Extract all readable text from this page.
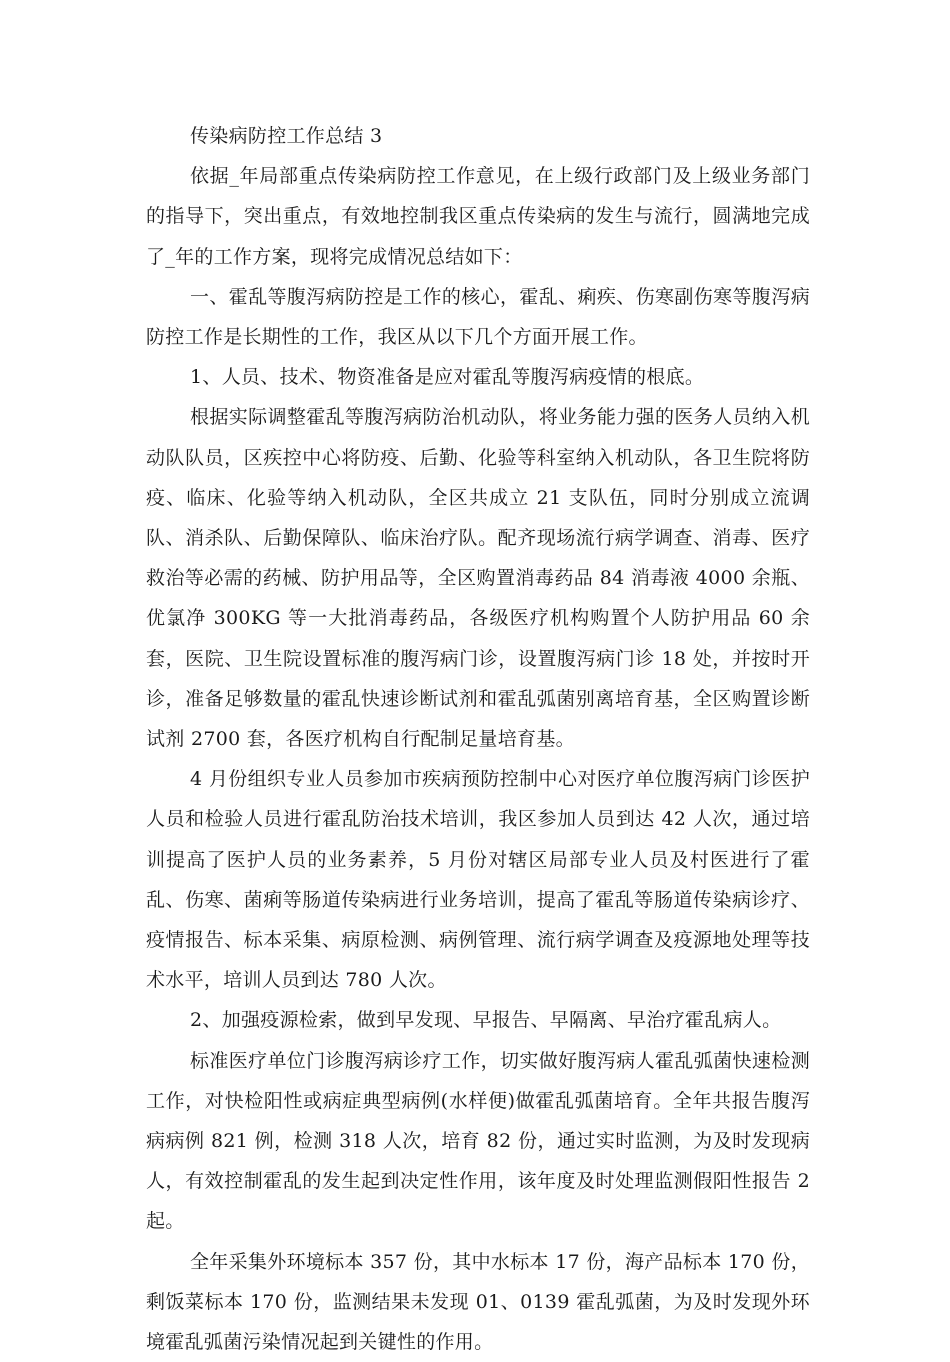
传染病防控工作总结 3

依据_年局部重点传染病防控工作意见，在上级行政部门及上级业务部门的指导下，突出重点，有效地控制我区重点传染病的发生与流行，圆满地完成了_年的工作方案，现将完成情况总结如下：

一、霍乱等腹泻病防控是工作的核心，霍乱、痢疾、伤寒副伤寒等腹泻病防控工作是长期性的工作，我区从以下几个方面开展工作。

1、人员、技术、物资准备是应对霍乱等腹泻病疫情的根底。

根据实际调整霍乱等腹泻病防治机动队，将业务能力强的医务人员纳入机动队队员，区疾控中心将防疫、后勤、化验等科室纳入机动队，各卫生院将防疫、临床、化验等纳入机动队，全区共成立 21 支队伍，同时分别成立流调队、消杀队、后勤保障队、临床治疗队。配齐现场流行病学调查、消毒、医疗救治等必需的药械、防护用品等，全区购置消毒药品 84 消毒液 4000 余瓶、优氯净 300KG 等一大批消毒药品，各级医疗机构购置个人防护用品 60 余套，医院、卫生院设置标准的腹泻病门诊，设置腹泻病门诊 18 处，并按时开诊，准备足够数量的霍乱快速诊断试剂和霍乱弧菌别离培育基，全区购置诊断试剂 2700 套，各医疗机构自行配制足量培育基。

4 月份组织专业人员参加市疾病预防控制中心对医疗单位腹泻病门诊医护人员和检验人员进行霍乱防治技术培训，我区参加人员到达 42 人次，通过培训提高了医护人员的业务素养，5 月份对辖区局部专业人员及村医进行了霍乱、伤寒、菌痢等肠道传染病进行业务培训，提高了霍乱等肠道传染病诊疗、疫情报告、标本采集、病原检测、病例管理、流行病学调查及疫源地处理等技术水平，培训人员到达 780 人次。

2、加强疫源检索，做到早发现、早报告、早隔离、早治疗霍乱病人。

标准医疗单位门诊腹泻病诊疗工作，切实做好腹泻病人霍乱弧菌快速检测工作，对快检阳性或病症典型病例(水样便)做霍乱弧菌培育。全年共报告腹泻病病例 821 例，检测 318 人次，培育 82 份，通过实时监测，为及时发现病人，有效控制霍乱的发生起到决定性作用，该年度及时处理监测假阳性报告 2 起。

全年采集外环境标本 357 份，其中水标本 17 份，海产品标本 170 份，剩饭菜标本 170 份，监测结果未发现 01、0139 霍乱弧菌，为及时发现外环境霍乱弧菌污染情况起到关键性的作用。
